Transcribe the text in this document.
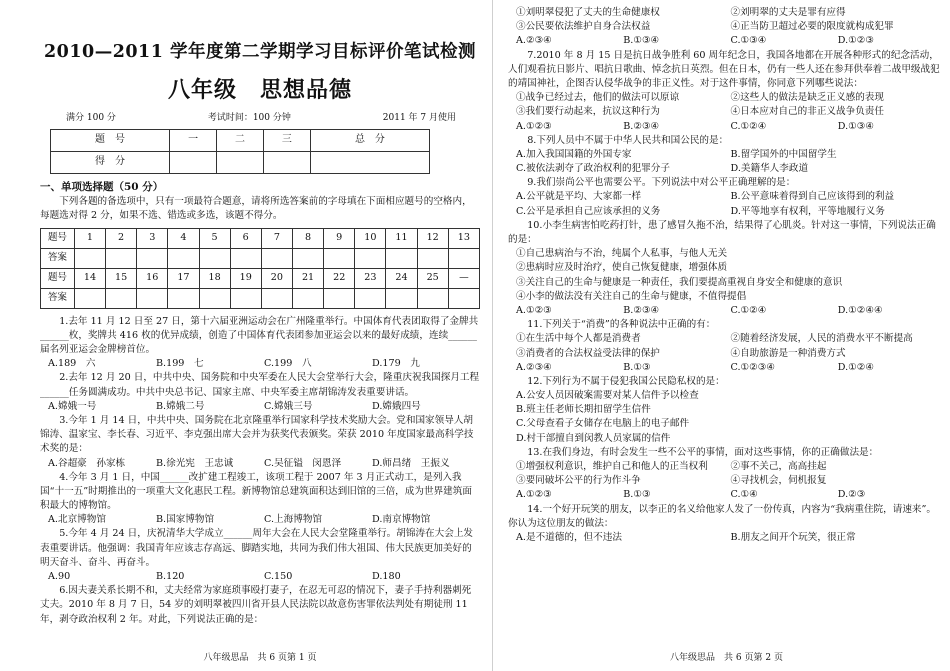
2010—2011 学年度第二学期学习目标评价笔试检测
八年级　思想品德
满分 100 分	考试时间：100 分钟	2011 年 7 月使用
题　号	一	二	三	总　分
得　分				
一、单项选择题（50 分）

下列各题的备选项中，只有一项最符合题意，请将所选答案前的字母填在下面相应题号的空格内，每题选对得 2 分，如果不选、错选或多选，该题不得分。

题号	1	2	3	4	5	6	7	8	9	10	11	12	13
答案													
题号	14	15	16	17	18	19	20	21	22	23	24	25	—
答案													

1.去年 11 月 12 日至 27 日，第十六届亚洲运动会在广州隆重举行。中国体育代表团取得了金牌共______枚，奖牌共 416 枚的优异成绩，创造了中国体育代表团参加亚运会以来的最好成绩，连续______届名列亚运会金牌榜首位。

A.189　六	B.199　七	C.199　八	D.179　九

2.去年 12 月 20 日，中共中央、国务院和中央军委在人民大会堂举行大会，隆重庆祝我国探月工程______任务圆满成功。中共中央总书记、国家主席、中央军委主席胡锦涛发表重要讲话。

A.嫦娥一号	B.嫦娥二号	C.嫦娥三号	D.嫦娥四号

3.今年 1 月 14 日，中共中央、国务院在北京隆重举行国家科学技术奖励大会。党和国家领导人胡锦涛、温家宝、李长春、习近平、李克强出席大会并为获奖代表颁奖。荣获 2010 年度国家最高科学技术奖的是：

A.谷超豪　孙家栋	B.徐光宪　王忠诚	C.吴征镒　闵恩泽	D.师昌绪　王振义

4.今年 3 月 1 日，中国______改扩建工程竣工，该项工程于 2007 年 3 月正式动工，是列入我国“十一五”时期推出的一项重大文化惠民工程。新博物馆总建筑面积达到旧馆的三倍，成为世界建筑面积最大的博物馆。

A.北京博物馆	B.国家博物馆	C.上海博物馆	D.南京博物馆

5.今年 4 月 24 日，庆祝清华大学成立______周年大会在人民大会堂隆重举行。胡锦涛在大会上发表重要讲话。他强调：我国青年应该志存高远、脚踏实地，共同为我们伟大祖国、伟大民族更加美好的明天奋斗、奋斗、再奋斗。

A.90	B.120	C.150	D.180

6.因夫妻关系长期不和，丈夫经常为家庭琐事殴打妻子，在忍无可忍的情况下，妻子手持利器刺死丈夫。2010 年 8 月 7 日，54 岁的刘明翠被四川省开县人民法院以故意伤害罪依法判处有期徒刑 11 年，剥夺政治权利 2 年。对此，下列说法正确的是：

八年级思品　共 6 页第 1 页
①刘明翠侵犯了丈夫的生命健康权	②刘明翠的丈夫是罪有应得
③公民要依法维护自身合法权益	④正当防卫超过必要的限度就构成犯罪
A.②③④	B.①③④	C.①③④	D.①②③

7.2010 年 8 月 15 日是抗日战争胜利 60 周年纪念日，我国各地都在开展各种形式的纪念活动，人们观看抗日影片、唱抗日歌曲、悼念抗日英烈。但在日本，仍有一些人还在参拜供奉着二战甲级战犯的靖国神社，企图否认侵华战争的非正义性。对于这件事情，你同意下列哪些说法：

①战争已经过去，他们的做法可以原谅	②这些人的做法是缺乏正义感的表现
③我们要行动起来，抗议这种行为	④日本应对自己的非正义战争负责任
A.①②③	B.②③④	C.①②④	D.①③④

8.下列人员中不属于中华人民共和国公民的是：

A.加入我国国籍的外国专家	B.留学国外的中国留学生
C.被依法剥夺了政治权利的犯罪分子	D.美籍华人李政道

9.我们崇尚公平也需要公平。下列说法中对公平正确理解的是：

A.公平就是平均、大家都一样	B.公平意味着得到自己应该得到的利益
C.公平是承担自己应该承担的义务	D.平等地享有权利，平等地履行义务

10.小李生病害怕吃药打针，患了感冒久拖不治，结果得了心肌炎。针对这一事情，下列说法正确的是：

①自己患病治与不治，纯属个人私事，与他人无关

②患病时应及时治疗，使自己恢复健康，增强体质

③关注自己的生命与健康是一种责任，我们要提高重视自身安全和健康的意识

④小李的做法没有关注自己的生命与健康，不值得提倡

A.①②③	B.②③④	C.①②④	D.①②④④

11.下列关于“消费”的各种说法中正确的有：

①在生活中每个人都是消费者	②随着经济发展，人民的消费水平不断提高
③消费者的合法权益受法律的保护	④自助旅游是一种消费方式
A.②③④	B.①③	C.①②③④	D.①②④

12.下列行为不属于侵犯我国公民隐私权的是：

A.公安人员因破案需要对某人信件予以检查

B.班主任老师长期扣留学生信件

C.父母查看子女储存在电脑上的电子邮件

D.村干部擅自到闵教人员家属的信件

13.在我们身边，有时会发生一些不公平的事情，面对这些事情，你的正确做法是：

①增强权利意识，维护自己和他人的正当权利	②事不关己，高高挂起
③要同破坏公平的行为作斗争	④寻找机会，伺机报复
A.①②③	B.①③	C.①④	D.②③

14.一个好开玩笑的朋友，以李正的名义给他家人发了一份传真，内容为“我病重住院，请速来”。你认为这位朋友的做法：

A.是不道德的，但不违法	B.朋友之间开个玩笑，很正常
八年级思品　共 6 页第 2 页
